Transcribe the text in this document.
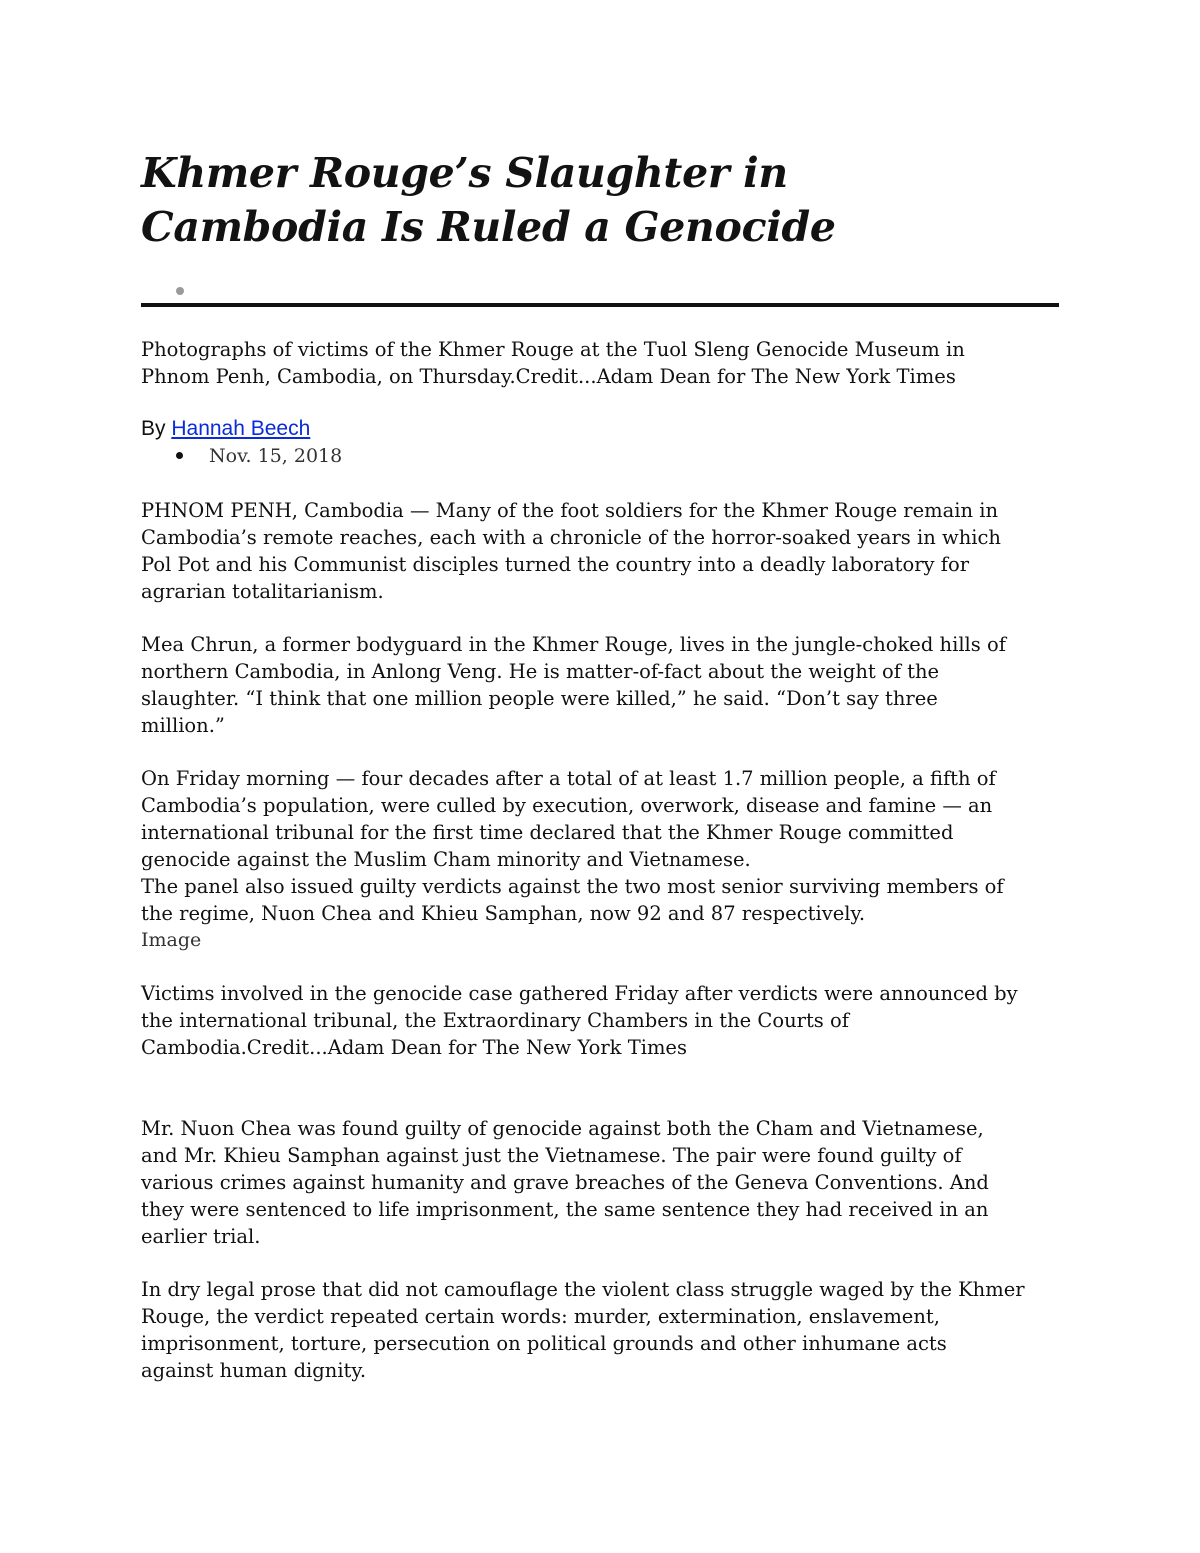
Khmer Rouge’s Slaughter in
Cambodia Is Ruled a Genocide

Photographs of victims of the Khmer Rouge at the Tuol Sleng Genocide Museum in
Phnom Penh, Cambodia, on Thursday.Credit...Adam Dean for The New York Times

By Hannah Beech
Nov. 15, 2018

PHNOM PENH, Cambodia — Many of the foot soldiers for the Khmer Rouge remain in
Cambodia’s remote reaches, each with a chronicle of the horror-soaked years in which
Pol Pot and his Communist disciples turned the country into a deadly laboratory for
agrarian totalitarianism.

Mea Chrun, a former bodyguard in the Khmer Rouge, lives in the jungle-choked hills of
northern Cambodia, in Anlong Veng. He is matter-of-fact about the weight of the
slaughter. “I think that one million people were killed,” he said. “Don’t say three
million.”

On Friday morning — four decades after a total of at least 1.7 million people, a fifth of
Cambodia’s population, were culled by execution, overwork, disease and famine — an
international tribunal for the first time declared that the Khmer Rouge committed
genocide against the Muslim Cham minority and Vietnamese.
The panel also issued guilty verdicts against the two most senior surviving members of
the regime, Nuon Chea and Khieu Samphan, now 92 and 87 respectively.

Image

Victims involved in the genocide case gathered Friday after verdicts were announced by
the international tribunal, the Extraordinary Chambers in the Courts of
Cambodia.Credit...Adam Dean for The New York Times

Mr. Nuon Chea was found guilty of genocide against both the Cham and Vietnamese,
and Mr. Khieu Samphan against just the Vietnamese. The pair were found guilty of
various crimes against humanity and grave breaches of the Geneva Conventions. And
they were sentenced to life imprisonment, the same sentence they had received in an
earlier trial.

In dry legal prose that did not camouflage the violent class struggle waged by the Khmer
Rouge, the verdict repeated certain words: murder, extermination, enslavement,
imprisonment, torture, persecution on political grounds and other inhumane acts
against human dignity.
